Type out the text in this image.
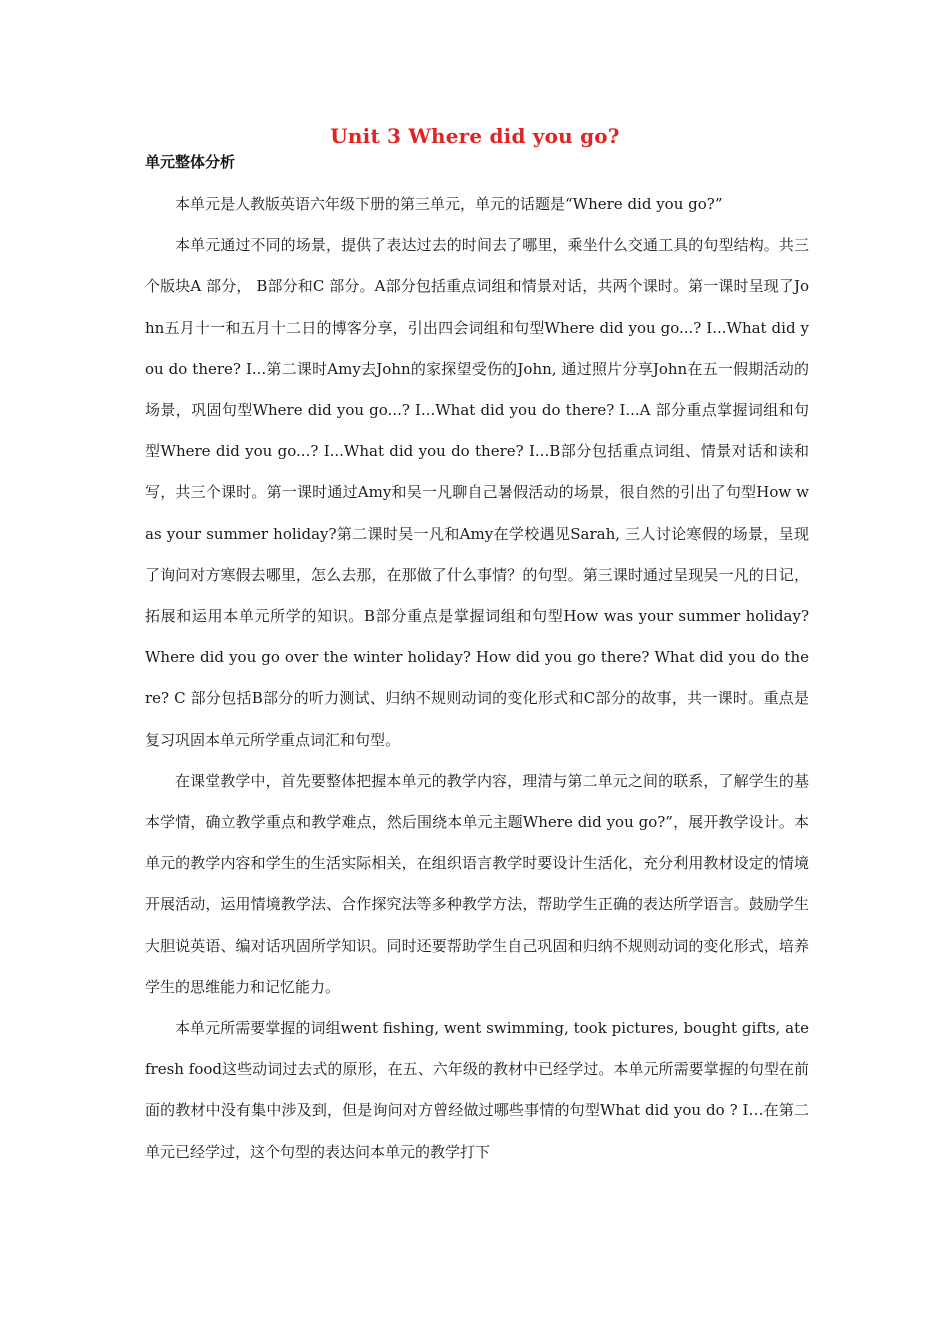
Unit 3 Where did you go?
单元整体分析

本单元是人教版英语六年级下册的第三单元，单元的话题是“Where did you go?”

本单元通过不同的场景，提供了表达过去的时间去了哪里，乘坐什么交通工具的句型结构。共三个版块A 部分， B部分和C 部分。A部分包括重点词组和情景对话，共两个课时。第一课时呈现了John五月十一和五月十二日的博客分享，引出四会词组和句型Where did you go...? I...What did you do there? I...第二课时Amy去John的家探望受伤的John, 通过照片分享John在五一假期活动的场景，巩固句型Where did you go...? I...What did you do there? I...A 部分重点掌握词组和句型Where did you go...? I...What did you do there? I...B部分包括重点词组、情景对话和读和写，共三个课时。第一课时通过Amy和吴一凡聊自己暑假活动的场景，很自然的引出了句型How was your summer holiday?第二课时吴一凡和Amy在学校遇见Sarah, 三人讨论寒假的场景，呈现了询问对方寒假去哪里，怎么去那，在那做了什么事情？的句型。第三课时通过呈现吴一凡的日记，拓展和运用本单元所学的知识。B部分重点是掌握词组和句型How was your summer holiday? Where did you go over the winter holiday? How did you go there? What did you do there? C 部分包括B部分的听力测试、归纳不规则动词的变化形式和C部分的故事，共一课时。重点是复习巩固本单元所学重点词汇和句型。

在课堂教学中，首先要整体把握本单元的教学内容，理清与第二单元之间的联系，了解学生的基本学情，确立教学重点和教学难点，然后围绕本单元主题Where did you go?”，展开教学设计。本单元的教学内容和学生的生活实际相关，在组织语言教学时要设计生活化，充分利用教材设定的情境开展活动，运用情境教学法、合作探究法等多种教学方法，帮助学生正确的表达所学语言。鼓励学生大胆说英语、编对话巩固所学知识。同时还要帮助学生自己巩固和归纳不规则动词的变化形式，培养学生的思维能力和记忆能力。

本单元所需要掌握的词组went fishing, went swimming, took pictures, bought gifts, ate fresh food这些动词过去式的原形，在五、六年级的教材中已经学过。本单元所需要掌握的句型在前面的教材中没有集中涉及到，但是询问对方曾经做过哪些事情的句型What did you do ? I…在第二单元已经学过，这个句型的表达问本单元的教学打下
